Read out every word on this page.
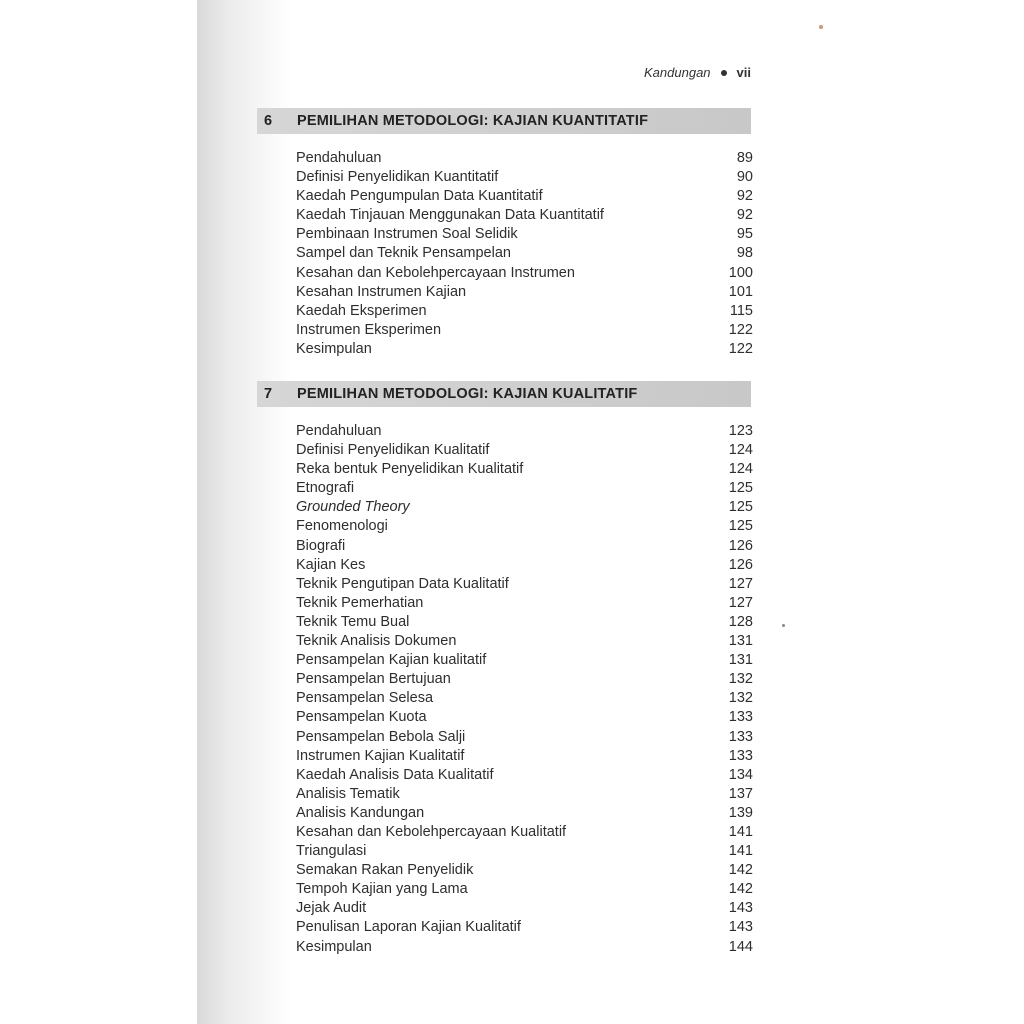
Kandungan vii
6	PEMILIHAN METODOLOGI: KAJIAN KUANTITATIF
Pendahuluan	89
Definisi Penyelidikan Kuantitatif	90
Kaedah Pengumpulan Data Kuantitatif	92
Kaedah Tinjauan Menggunakan Data Kuantitatif	92
Pembinaan Instrumen Soal Selidik	95
Sampel dan Teknik Pensampelan	98
Kesahan dan Kebolehpercayaan Instrumen	100
Kesahan Instrumen Kajian	101
Kaedah Eksperimen	115
Instrumen Eksperimen	122
Kesimpulan	122
7	PEMILIHAN METODOLOGI: KAJIAN KUALITATIF
Pendahuluan	123
Definisi Penyelidikan Kualitatif	124
Reka bentuk Penyelidikan Kualitatif	124
Etnografi	125
Grounded Theory	125
Fenomenologi	125
Biografi	126
Kajian Kes	126
Teknik Pengutipan Data Kualitatif	127
Teknik Pemerhatian	127
Teknik Temu Bual	128
Teknik Analisis Dokumen	131
Pensampelan Kajian kualitatif	131
Pensampelan Bertujuan	132
Pensampelan Selesa	132
Pensampelan Kuota	133
Pensampelan Bebola Salji	133
Instrumen Kajian Kualitatif	133
Kaedah Analisis Data Kualitatif	134
Analisis Tematik	137
Analisis Kandungan	139
Kesahan dan Kebolehpercayaan Kualitatif	141
Triangulasi	141
Semakan Rakan Penyelidik	142
Tempoh Kajian yang Lama	142
Jejak Audit	143
Penulisan Laporan Kajian Kualitatif	143
Kesimpulan	144
